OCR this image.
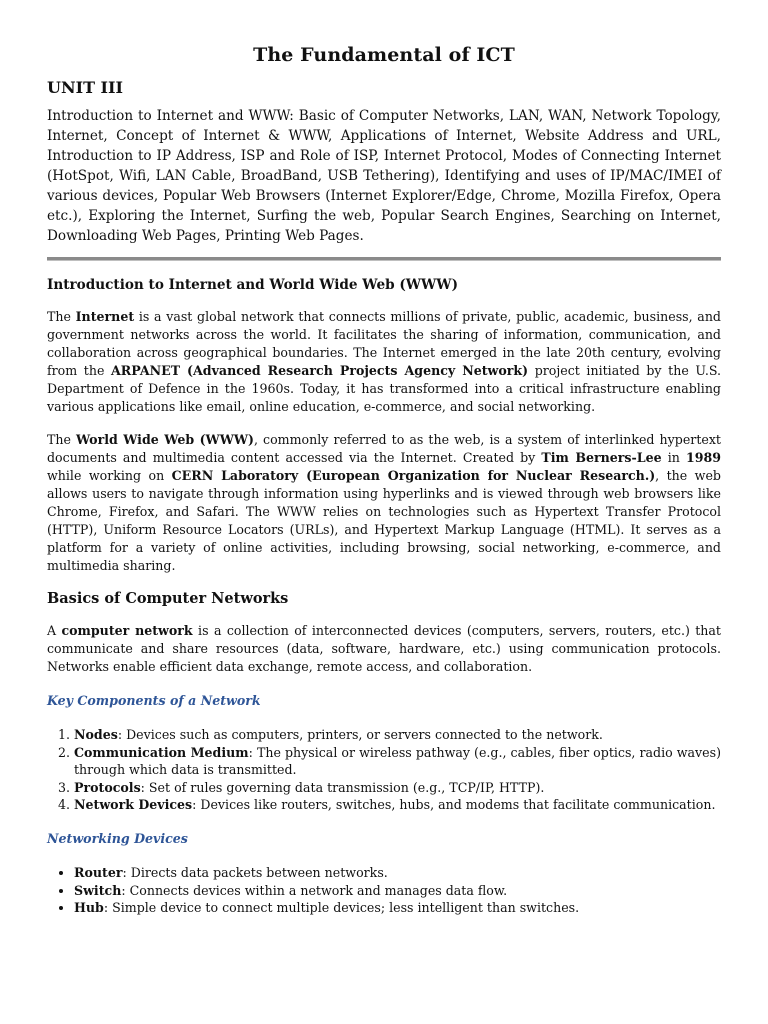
The Fundamental of ICT
UNIT III

Introduction to Internet and WWW: Basic of Computer Networks, LAN, WAN, Network Topology, Internet, Concept of Internet & WWW, Applications of Internet, Website Address and URL, Introduction to IP Address, ISP and Role of ISP, Internet Protocol, Modes of Connecting Internet (HotSpot, Wifi, LAN Cable, BroadBand, USB Tethering), Identifying and uses of IP/MAC/IMEI of various devices, Popular Web Browsers (Internet Explorer/Edge, Chrome, Mozilla Firefox, Opera etc.), Exploring the Internet, Surfing the web, Popular Search Engines, Searching on Internet, Downloading Web Pages, Printing Web Pages.

Introduction to Internet and World Wide Web (WWW)

The Internet is a vast global network that connects millions of private, public, academic, business, and government networks across the world. It facilitates the sharing of information, communication, and collaboration across geographical boundaries. The Internet emerged in the late 20th century, evolving from the ARPANET (Advanced Research Projects Agency Network) project initiated by the U.S. Department of Defence in the 1960s. Today, it has transformed into a critical infrastructure enabling various applications like email, online education, e-commerce, and social networking.

The World Wide Web (WWW), commonly referred to as the web, is a system of interlinked hypertext documents and multimedia content accessed via the Internet. Created by Tim Berners-Lee in 1989 while working on CERN Laboratory (European Organization for Nuclear Research.), the web allows users to navigate through information using hyperlinks and is viewed through web browsers like Chrome, Firefox, and Safari. The WWW relies on technologies such as Hypertext Transfer Protocol (HTTP), Uniform Resource Locators (URLs), and Hypertext Markup Language (HTML). It serves as a platform for a variety of online activities, including browsing, social networking, e-commerce, and multimedia sharing.

Basics of Computer Networks

A computer network is a collection of interconnected devices (computers, servers, routers, etc.) that communicate and share resources (data, software, hardware, etc.) using communication protocols. Networks enable efficient data exchange, remote access, and collaboration.

Key Components of a Network
1. Nodes: Devices such as computers, printers, or servers connected to the network.
2. Communication Medium: The physical or wireless pathway (e.g., cables, fiber optics, radio waves) through which data is transmitted.
3. Protocols: Set of rules governing data transmission (e.g., TCP/IP, HTTP).
4. Network Devices: Devices like routers, switches, hubs, and modems that facilitate communication.
Networking Devices
• Router: Directs data packets between networks.
• Switch: Connects devices within a network and manages data flow.
• Hub: Simple device to connect multiple devices; less intelligent than switches.
